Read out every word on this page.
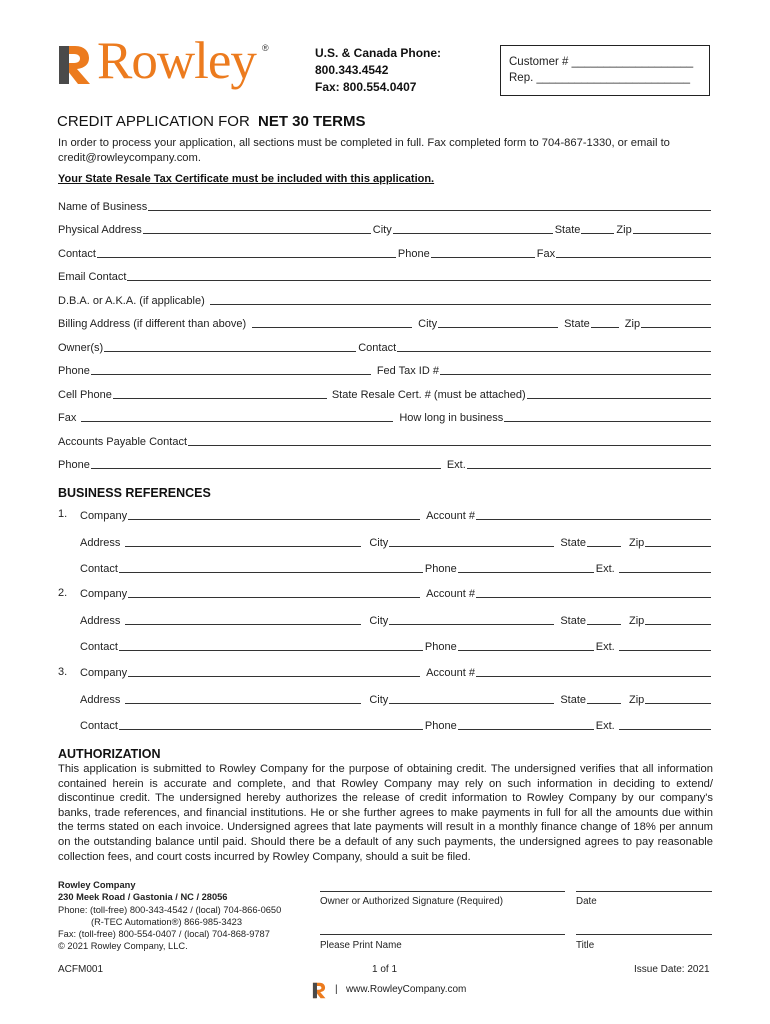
Rowley ®	U.S. & Canada Phone:
800.343.4542
Fax: 800.554.0407
Customer # ___________________
Rep. ________________________
CREDIT APPLICATION FOR NET 30 TERMS
In order to process your application, all sections must be completed in full. Fax completed form to 704-867-1330, or email to credit@rowleycompany.com.
Your State Resale Tax Certificate must be included with this application.
Name of Business
Physical Address	City	State	Zip
Contact	Phone	Fax
Email Contact
D.B.A. or A.K.A. (if applicable)
Billing Address (if different than above)	City	State	Zip
Owner(s)	Contact
Phone	Fed Tax ID #
Cell Phone	State Resale Cert. # (must be attached)
Fax	How long in business
Accounts Payable Contact
Phone	Ext.
BUSINESS REFERENCES
1. Company	Account #
Address	City	State	Zip
Contact	Phone	Ext.
2. Company	Account #
Address	City	State	Zip
Contact	Phone	Ext.
3. Company	Account #
Address	City	State	Zip
Contact	Phone	Ext.
AUTHORIZATION
This application is submitted to Rowley Company for the purpose of obtaining credit. The undersigned verifies that all information contained herein is accurate and complete, and that Rowley Company may rely on such information in deciding to extend/ discontinue credit. The undersigned hereby authorizes the release of credit information to Rowley Company by our company's banks, trade references, and financial institutions. He or she further agrees to make payments in full for all the amounts due within the terms stated on each invoice. Undersigned agrees that late payments will result in a monthly finance change of 18% per annum on the outstanding balance until paid. Should there be a default of any such payments, the undersigned agrees to pay reasonable collection fees, and court costs incurred by Rowley Company, should a suit be filed.
Rowley Company
230 Meek Road / Gastonia / NC / 28056
Phone: (toll-free) 800-343-4542 / (local) 704-866-0650
(R-TEC Automation®) 866-985-3423
Fax: (toll-free) 800-554-0407 / (local) 704-868-9787
© 2021 Rowley Company, LLC.
Owner or Authorized Signature (Required)	Date
Please Print Name	Title
ACFM001	1 of 1	Issue Date: 2021
| www.RowleyCompany.com
